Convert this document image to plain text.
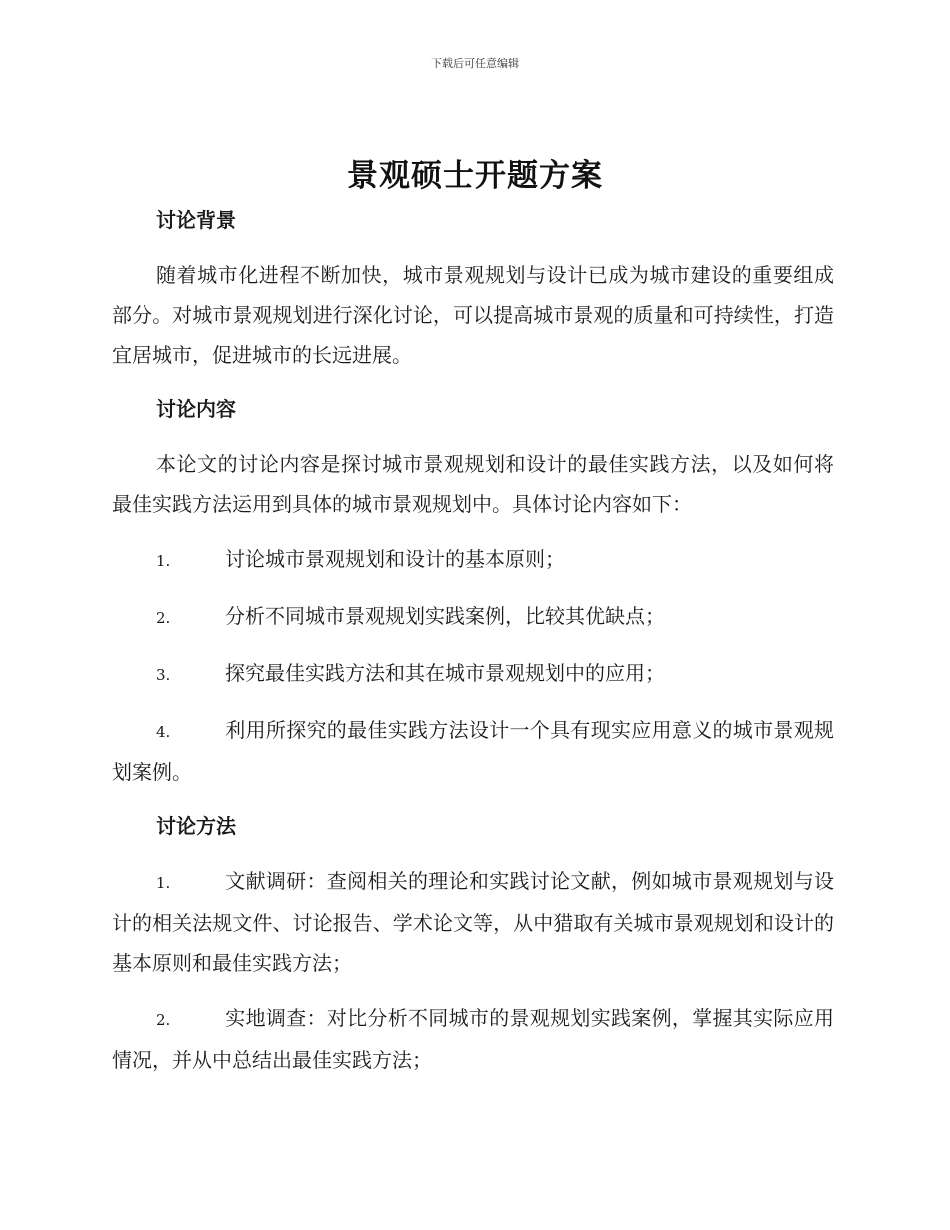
下载后可任意编辑
景观硕士开题方案
讨论背景

随着城市化进程不断加快，城市景观规划与设计已成为城市建设的重要组成部分。对城市景观规划进行深化讨论，可以提高城市景观的质量和可持续性，打造宜居城市，促进城市的长远进展。

讨论内容

本论文的讨论内容是探讨城市景观规划和设计的最佳实践方法，以及如何将最佳实践方法运用到具体的城市景观规划中。具体讨论内容如下：

1.	讨论城市景观规划和设计的基本原则；

2.	分析不同城市景观规划实践案例，比较其优缺点；

3.	探究最佳实践方法和其在城市景观规划中的应用；

4.	利用所探究的最佳实践方法设计一个具有现实应用意义的城市景观规划案例。

讨论方法

1.	文献调研：查阅相关的理论和实践讨论文献，例如城市景观规划与设计的相关法规文件、讨论报告、学术论文等，从中猎取有关城市景观规划和设计的基本原则和最佳实践方法；

2.	实地调查：对比分析不同城市的景观规划实践案例，掌握其实际应用情况，并从中总结出最佳实践方法；
